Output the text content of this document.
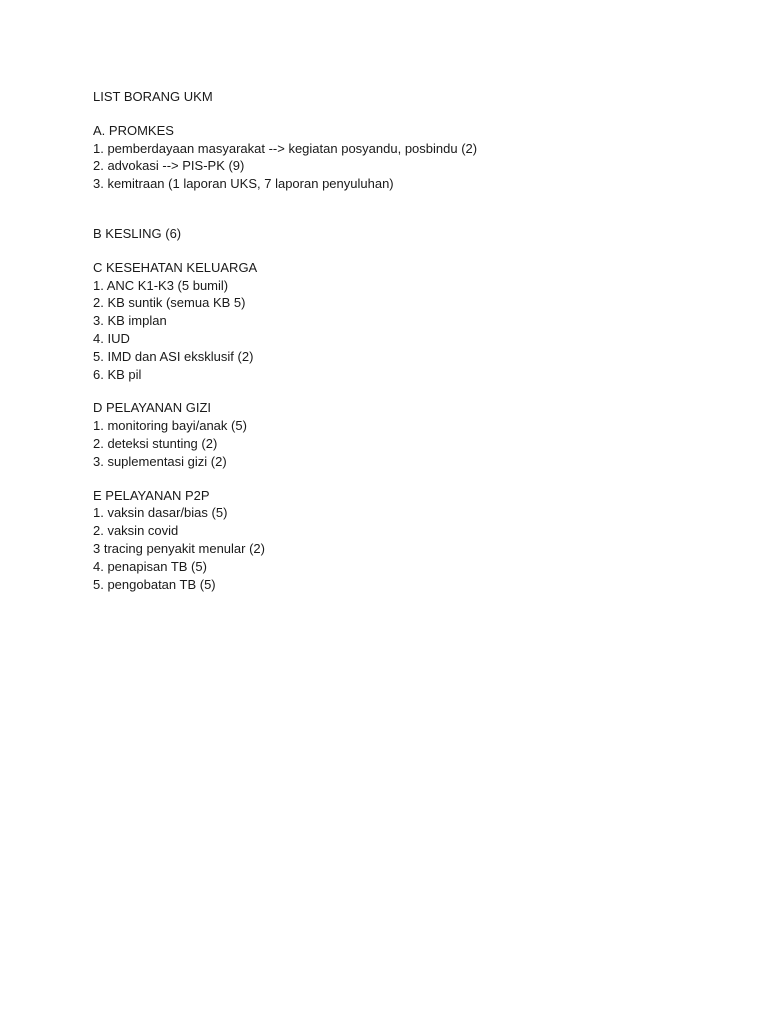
LIST BORANG UKM

A. PROMKES

1. pemberdayaan masyarakat --> kegiatan posyandu, posbindu (2)

2. advokasi --> PIS-PK (9)

3. kemitraan (1 laporan UKS, 7 laporan penyuluhan)

B KESLING (6)

C KESEHATAN KELUARGA

1. ANC K1-K3 (5 bumil)

2. KB suntik (semua KB 5)

3. KB implan

4. IUD

5. IMD dan ASI eksklusif (2)

6. KB pil

D PELAYANAN GIZI

1. monitoring bayi/anak (5)

2. deteksi stunting (2)

3. suplementasi gizi (2)

E PELAYANAN P2P

1. vaksin dasar/bias (5)

2. vaksin covid

3 tracing penyakit menular (2)

4. penapisan TB (5)

5. pengobatan TB (5)
